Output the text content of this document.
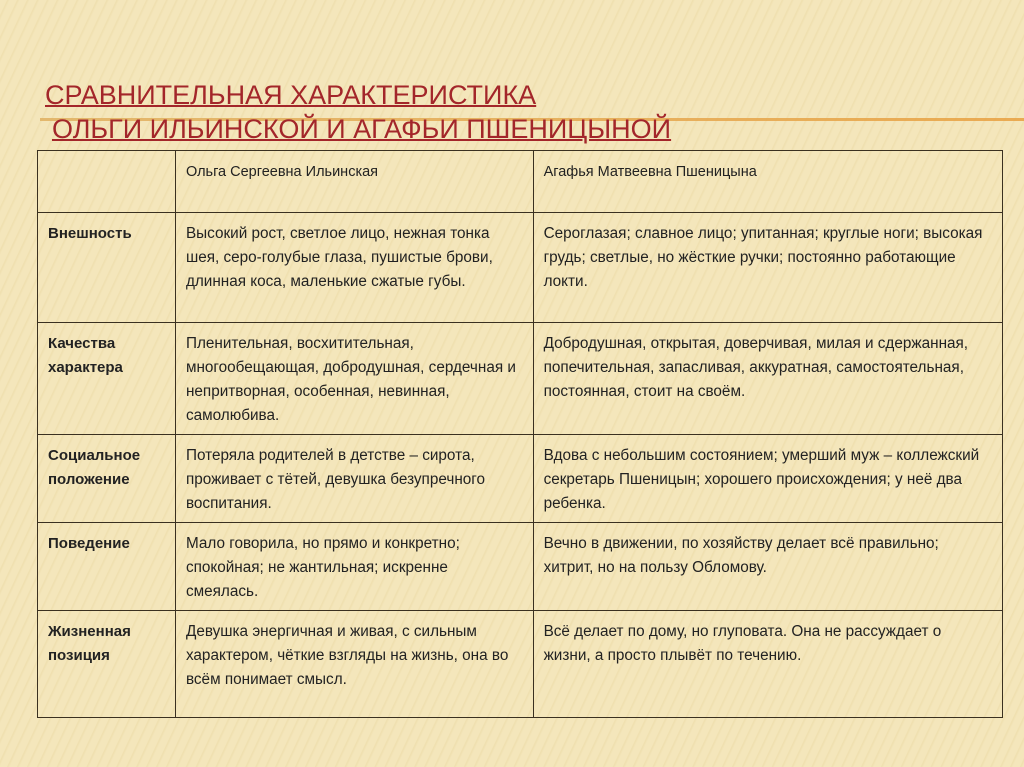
СРАВНИТЕЛЬНАЯ ХАРАКТЕРИСТИКА
ОЛЬГИ ИЛЬИНСКОЙ И АГАФЬИ ПШЕНИЦЫНОЙ
	Ольга Сергеевна Ильинская	Агафья Матвеевна Пшеницына
Внешность	Высокий рост, светлое лицо, нежная тонка шея, серо-голубые глаза, пушистые брови, длинная коса, маленькие сжатые губы.	Сероглазая; славное лицо; упитанная; круглые ноги; высокая грудь; светлые, но жёсткие ручки; постоянно работающие локти.
Качества характера	Пленительная, восхитительная, многообещающая, добродушная, сердечная и непритворная, особенная, невинная, самолюбива.	Добродушная, открытая, доверчивая, милая и сдержанная, попечительная, запасливая, аккуратная, самостоятельная, постоянная, стоит на своём.
Социальное положение	Потеряла родителей в детстве – сирота, проживает с тётей, девушка безупречного воспитания.	Вдова с небольшим состоянием; умерший муж – коллежский секретарь Пшеницын; хорошего происхождения; у неё два ребенка.
Поведение	Мало говорила, но прямо и конкретно; спокойная; не жантильная; искренне смеялась.	Вечно в движении, по хозяйству делает всё правильно; хитрит, но на пользу Обломову.
Жизненная позиция	Девушка энергичная и живая, с сильным характером, чёткие взгляды на жизнь, она во всём понимает смысл.	Всё делает по дому, но глуповата. Она не рассуждает о жизни, а просто плывёт по течению.
